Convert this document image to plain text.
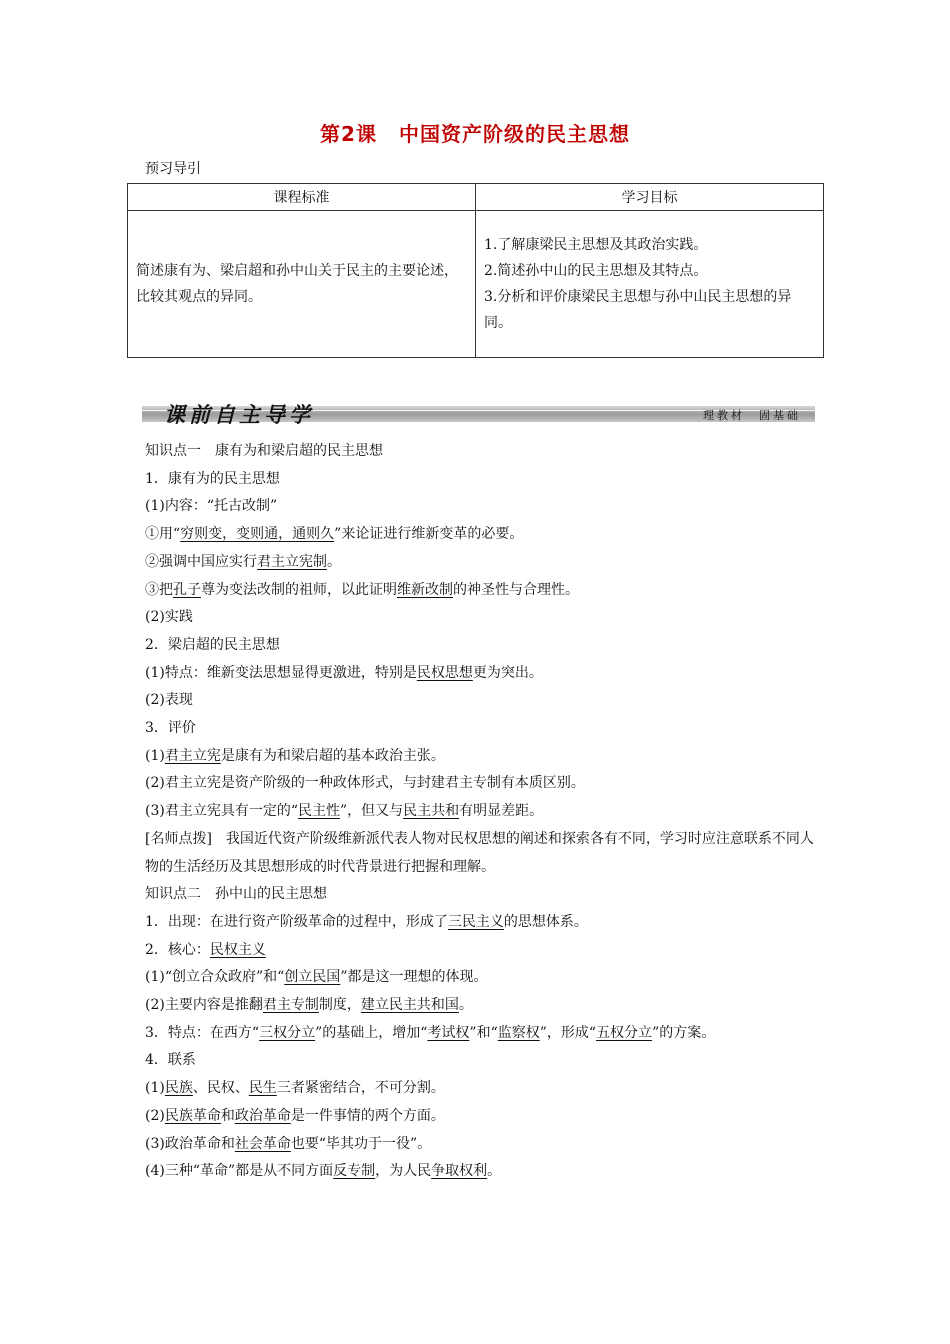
第2课 中国资产阶级的民主思想
预习导引
课程标准	学习目标
简述康有为、梁启超和孙中山关于民主的主要论述，比较其观点的异同。	1.了解康梁民主思想及其政治实践。
2.简述孙中山的民主思想及其特点。
3.分析和评价康梁民主思想与孙中山民主思想的异同。
课前自主导学	理教材　固基础

知识点一　康有为和梁启超的民主思想

1．康有为的民主思想

(1)内容：“托古改制”

①用“穷则变，变则通，通则久”来论证进行维新变革的必要。

②强调中国应实行君主立宪制。

③把孔子尊为变法改制的祖师，以此证明维新改制的神圣性与合理性。

(2)实践

2．梁启超的民主思想

(1)特点：维新变法思想显得更激进，特别是民权思想更为突出。

(2)表现

3．评价

(1)君主立宪是康有为和梁启超的基本政治主张。

(2)君主立宪是资产阶级的一种政体形式，与封建君主专制有本质区别。

(3)君主立宪具有一定的“民主性”，但又与民主共和有明显差距。

[名师点拨]　我国近代资产阶级维新派代表人物对民权思想的阐述和探索各有不同，学习时应注意联系不同人物的生活经历及其思想形成的时代背景进行把握和理解。

知识点二　孙中山的民主思想

1．出现：在进行资产阶级革命的过程中，形成了三民主义的思想体系。

2．核心：民权主义

(1)“创立合众政府”和“创立民国”都是这一理想的体现。

(2)主要内容是推翻君主专制制度，建立民主共和国。

3．特点：在西方“三权分立”的基础上，增加“考试权”和“监察权”，形成“五权分立”的方案。

4．联系

(1)民族、民权、民生三者紧密结合，不可分割。

(2)民族革命和政治革命是一件事情的两个方面。

(3)政治革命和社会革命也要“毕其功于一役”。

(4)三种“革命”都是从不同方面反专制，为人民争取权利。
